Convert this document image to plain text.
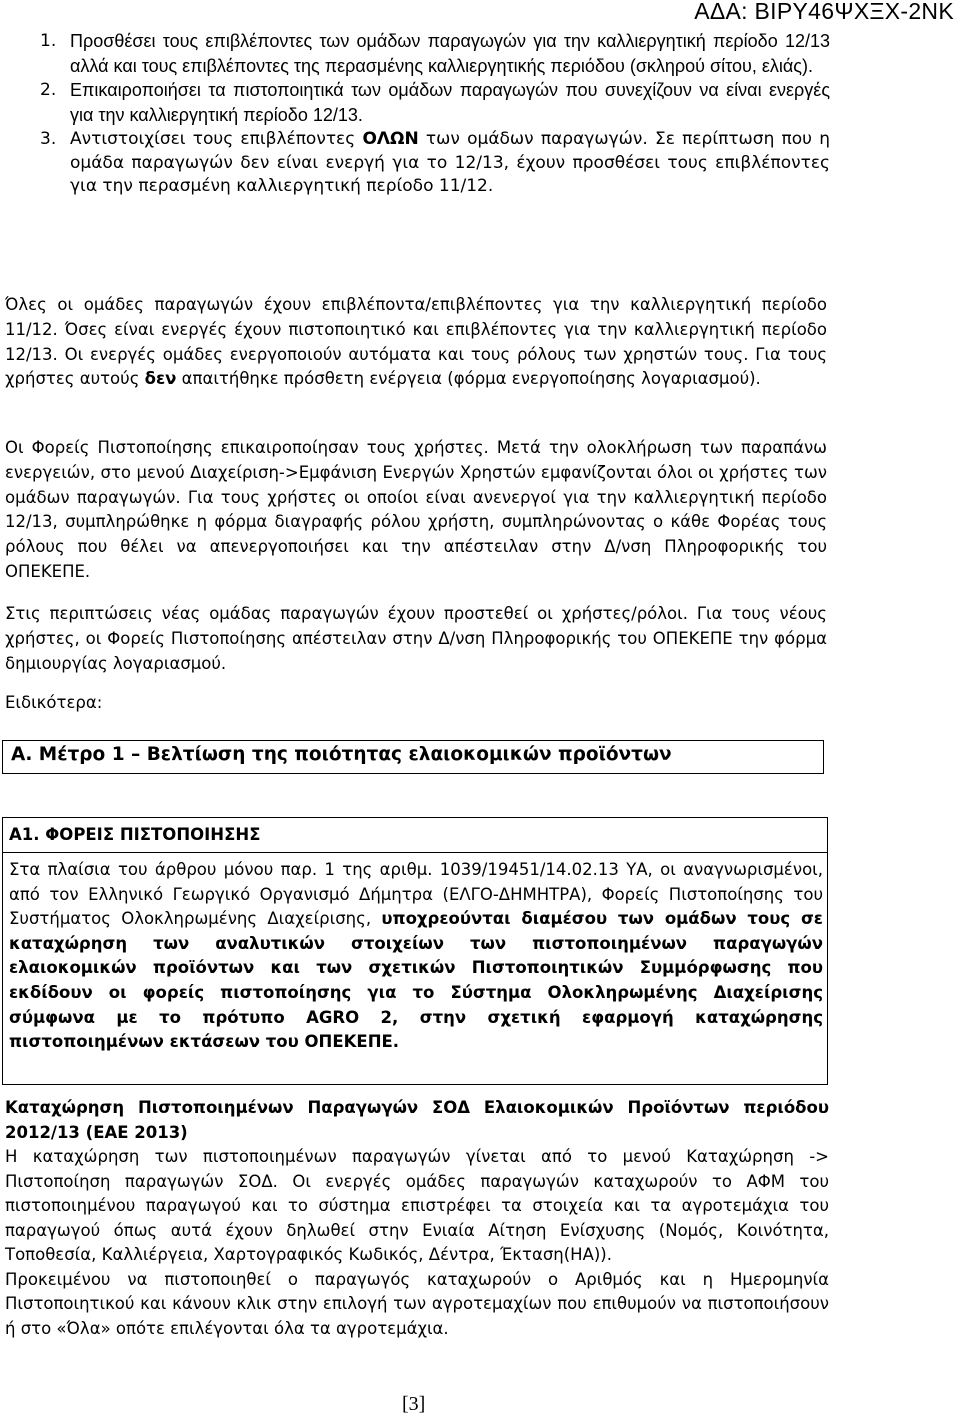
ΑΔΑ: ΒΙΡΥ46ΨΧΞΧ-2ΝΚ
1. Προσθέσει τους επιβλέποντες των ομάδων παραγωγών για την καλλιεργητική περίοδο 12/13 αλλά και τους επιβλέποντες της περασμένης καλλιεργητικής περιόδου (σκληρού σίτου, ελιάς).
2. Επικαιροποιήσει τα πιστοποιητικά των ομάδων παραγωγών που συνεχίζουν να είναι ενεργές για την καλλιεργητική περίοδο 12/13.
3. Αντιστοιχίσει τους επιβλέποντες ΟΛΩΝ των ομάδων παραγωγών. Σε περίπτωση που η ομάδα παραγωγών δεν είναι ενεργή για το 12/13, έχουν προσθέσει τους επιβλέποντες για την περασμένη καλλιεργητική περίοδο 11/12.

Όλες οι ομάδες παραγωγών έχουν επιβλέποντα/επιβλέποντες για την καλλιεργητική περίοδο 11/12. Όσες είναι ενεργές έχουν πιστοποιητικό και επιβλέποντες για την καλλιεργητική περίοδο 12/13. Οι ενεργές ομάδες ενεργοποιούν αυτόματα και τους ρόλους των χρηστών τους. Για τους χρήστες αυτούς δεν απαιτήθηκε πρόσθετη ενέργεια (φόρμα ενεργοποίησης λογαριασμού).

Οι Φορείς Πιστοποίησης επικαιροποίησαν τους χρήστες. Μετά την ολοκλήρωση των παραπάνω ενεργειών, στο μενού Διαχείριση->Εμφάνιση Ενεργών Χρηστών εμφανίζονται όλοι οι χρήστες των ομάδων παραγωγών. Για τους χρήστες οι οποίοι είναι ανενεργοί για την καλλιεργητική περίοδο 12/13, συμπληρώθηκε η φόρμα διαγραφής ρόλου χρήστη, συμπληρώνοντας ο κάθε Φορέας τους ρόλους που θέλει να απενεργοποιήσει και την απέστειλαν στην Δ/νση Πληροφορικής του ΟΠΕΚΕΠΕ.

Στις περιπτώσεις νέας ομάδας παραγωγών έχουν προστεθεί οι χρήστες/ρόλοι. Για τους νέους χρήστες, οι Φορείς Πιστοποίησης απέστειλαν στην Δ/νση Πληροφορικής του ΟΠΕΚΕΠΕ την φόρμα δημιουργίας λογαριασμού.

Ειδικότερα:

Α. Μέτρο 1 – Βελτίωση της ποιότητας ελαιοκομικών προϊόντων
Α1. ΦΟΡΕΙΣ ΠΙΣΤΟΠΟΙΗΣΗΣ

Στα πλαίσια του άρθρου μόνου παρ. 1 της αριθμ. 1039/19451/14.02.13 ΥΑ, οι αναγνωρισμένοι, από τον Ελληνικό Γεωργικό Οργανισμό Δήμητρα (ΕΛΓΟ-ΔΗΜΗΤΡΑ), Φορείς Πιστοποίησης του Συστήματος Ολοκληρωμένης Διαχείρισης, υποχρεούνται διαμέσου των ομάδων τους σε καταχώρηση των αναλυτικών στοιχείων των πιστοποιημένων παραγωγών ελαιοκομικών προϊόντων και των σχετικών Πιστοποιητικών Συμμόρφωσης που εκδίδουν οι φορείς πιστοποίησης για το Σύστημα Ολοκληρωμένης Διαχείρισης σύμφωνα με το πρότυπο AGRO 2, στην σχετική εφαρμογή καταχώρησης πιστοποιημένων εκτάσεων του ΟΠΕΚΕΠΕ.

Καταχώρηση Πιστοποιημένων Παραγωγών ΣΟΔ Ελαιοκομικών Προϊόντων περιόδου 2012/13 (ΕΑΕ 2013)

Η καταχώρηση των πιστοποιημένων παραγωγών γίνεται από το μενού Καταχώρηση -> Πιστοποίηση παραγωγών ΣΟΔ. Οι ενεργές ομάδες παραγωγών καταχωρούν το ΑΦΜ του πιστοποιημένου παραγωγού και το σύστημα επιστρέφει τα στοιχεία και τα αγροτεμάχια του παραγωγού όπως αυτά έχουν δηλωθεί στην Ενιαία Αίτηση Ενίσχυσης (Νομός, Κοινότητα, Τοποθεσία, Καλλιέργεια, Χαρτογραφικός Κωδικός, Δέντρα, Έκταση(HA)).

Προκειμένου να πιστοποιηθεί ο παραγωγός καταχωρούν ο Αριθμός και η Ημερομηνία Πιστοποιητικού και κάνουν κλικ στην επιλογή των αγροτεμαχίων που επιθυμούν να πιστοποιήσουν ή στο «Όλα» οπότε επιλέγονται όλα τα αγροτεμάχια.

[3]
